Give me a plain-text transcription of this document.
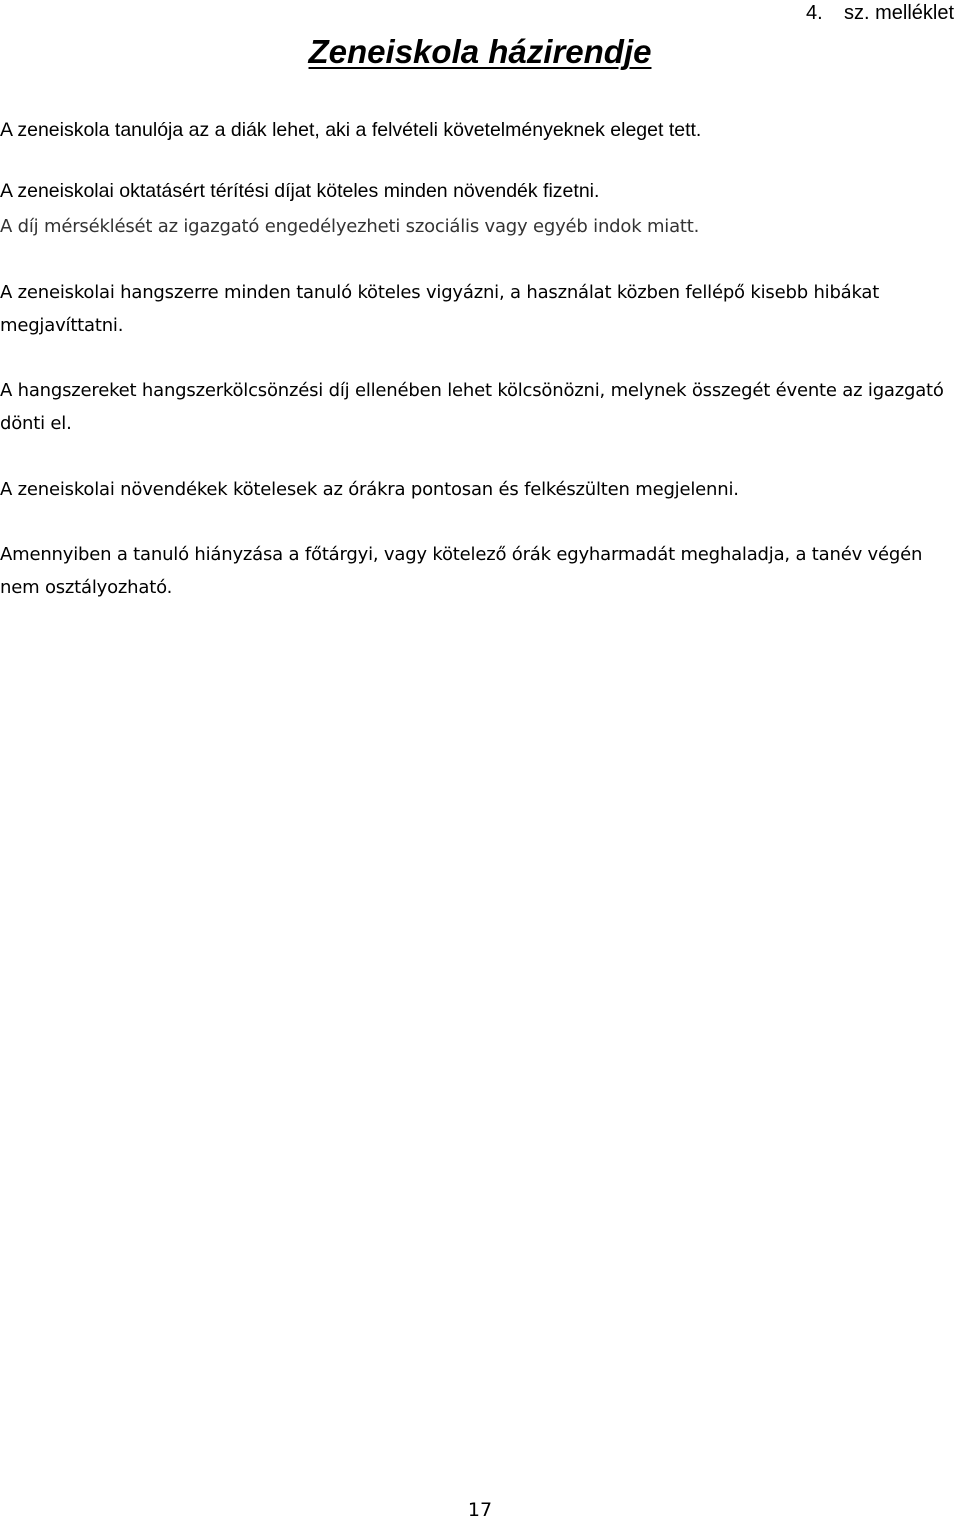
4. sz. melléklet
Zeneiskola házirendje

A zeneiskola tanulója az a diák lehet, aki a felvételi követelményeknek eleget tett.

A zeneiskolai oktatásért térítési díjat köteles minden növendék fizetni.

A díj mérséklését az igazgató engedélyezheti szociális vagy egyéb indok miatt.

A zeneiskolai hangszerre minden tanuló köteles vigyázni, a használat közben fellépő kisebb hibákat megjavíttatni.

A hangszereket hangszerkölcsönzési díj ellenében lehet kölcsönözni, melynek összegét évente az igazgató dönti el.

A zeneiskolai növendékek kötelesek az órákra pontosan és felkészülten megjelenni.

Amennyiben a tanuló hiányzása a főtárgyi, vagy kötelező órák egyharmadát meghaladja, a tanév végén nem osztályozható.

17
